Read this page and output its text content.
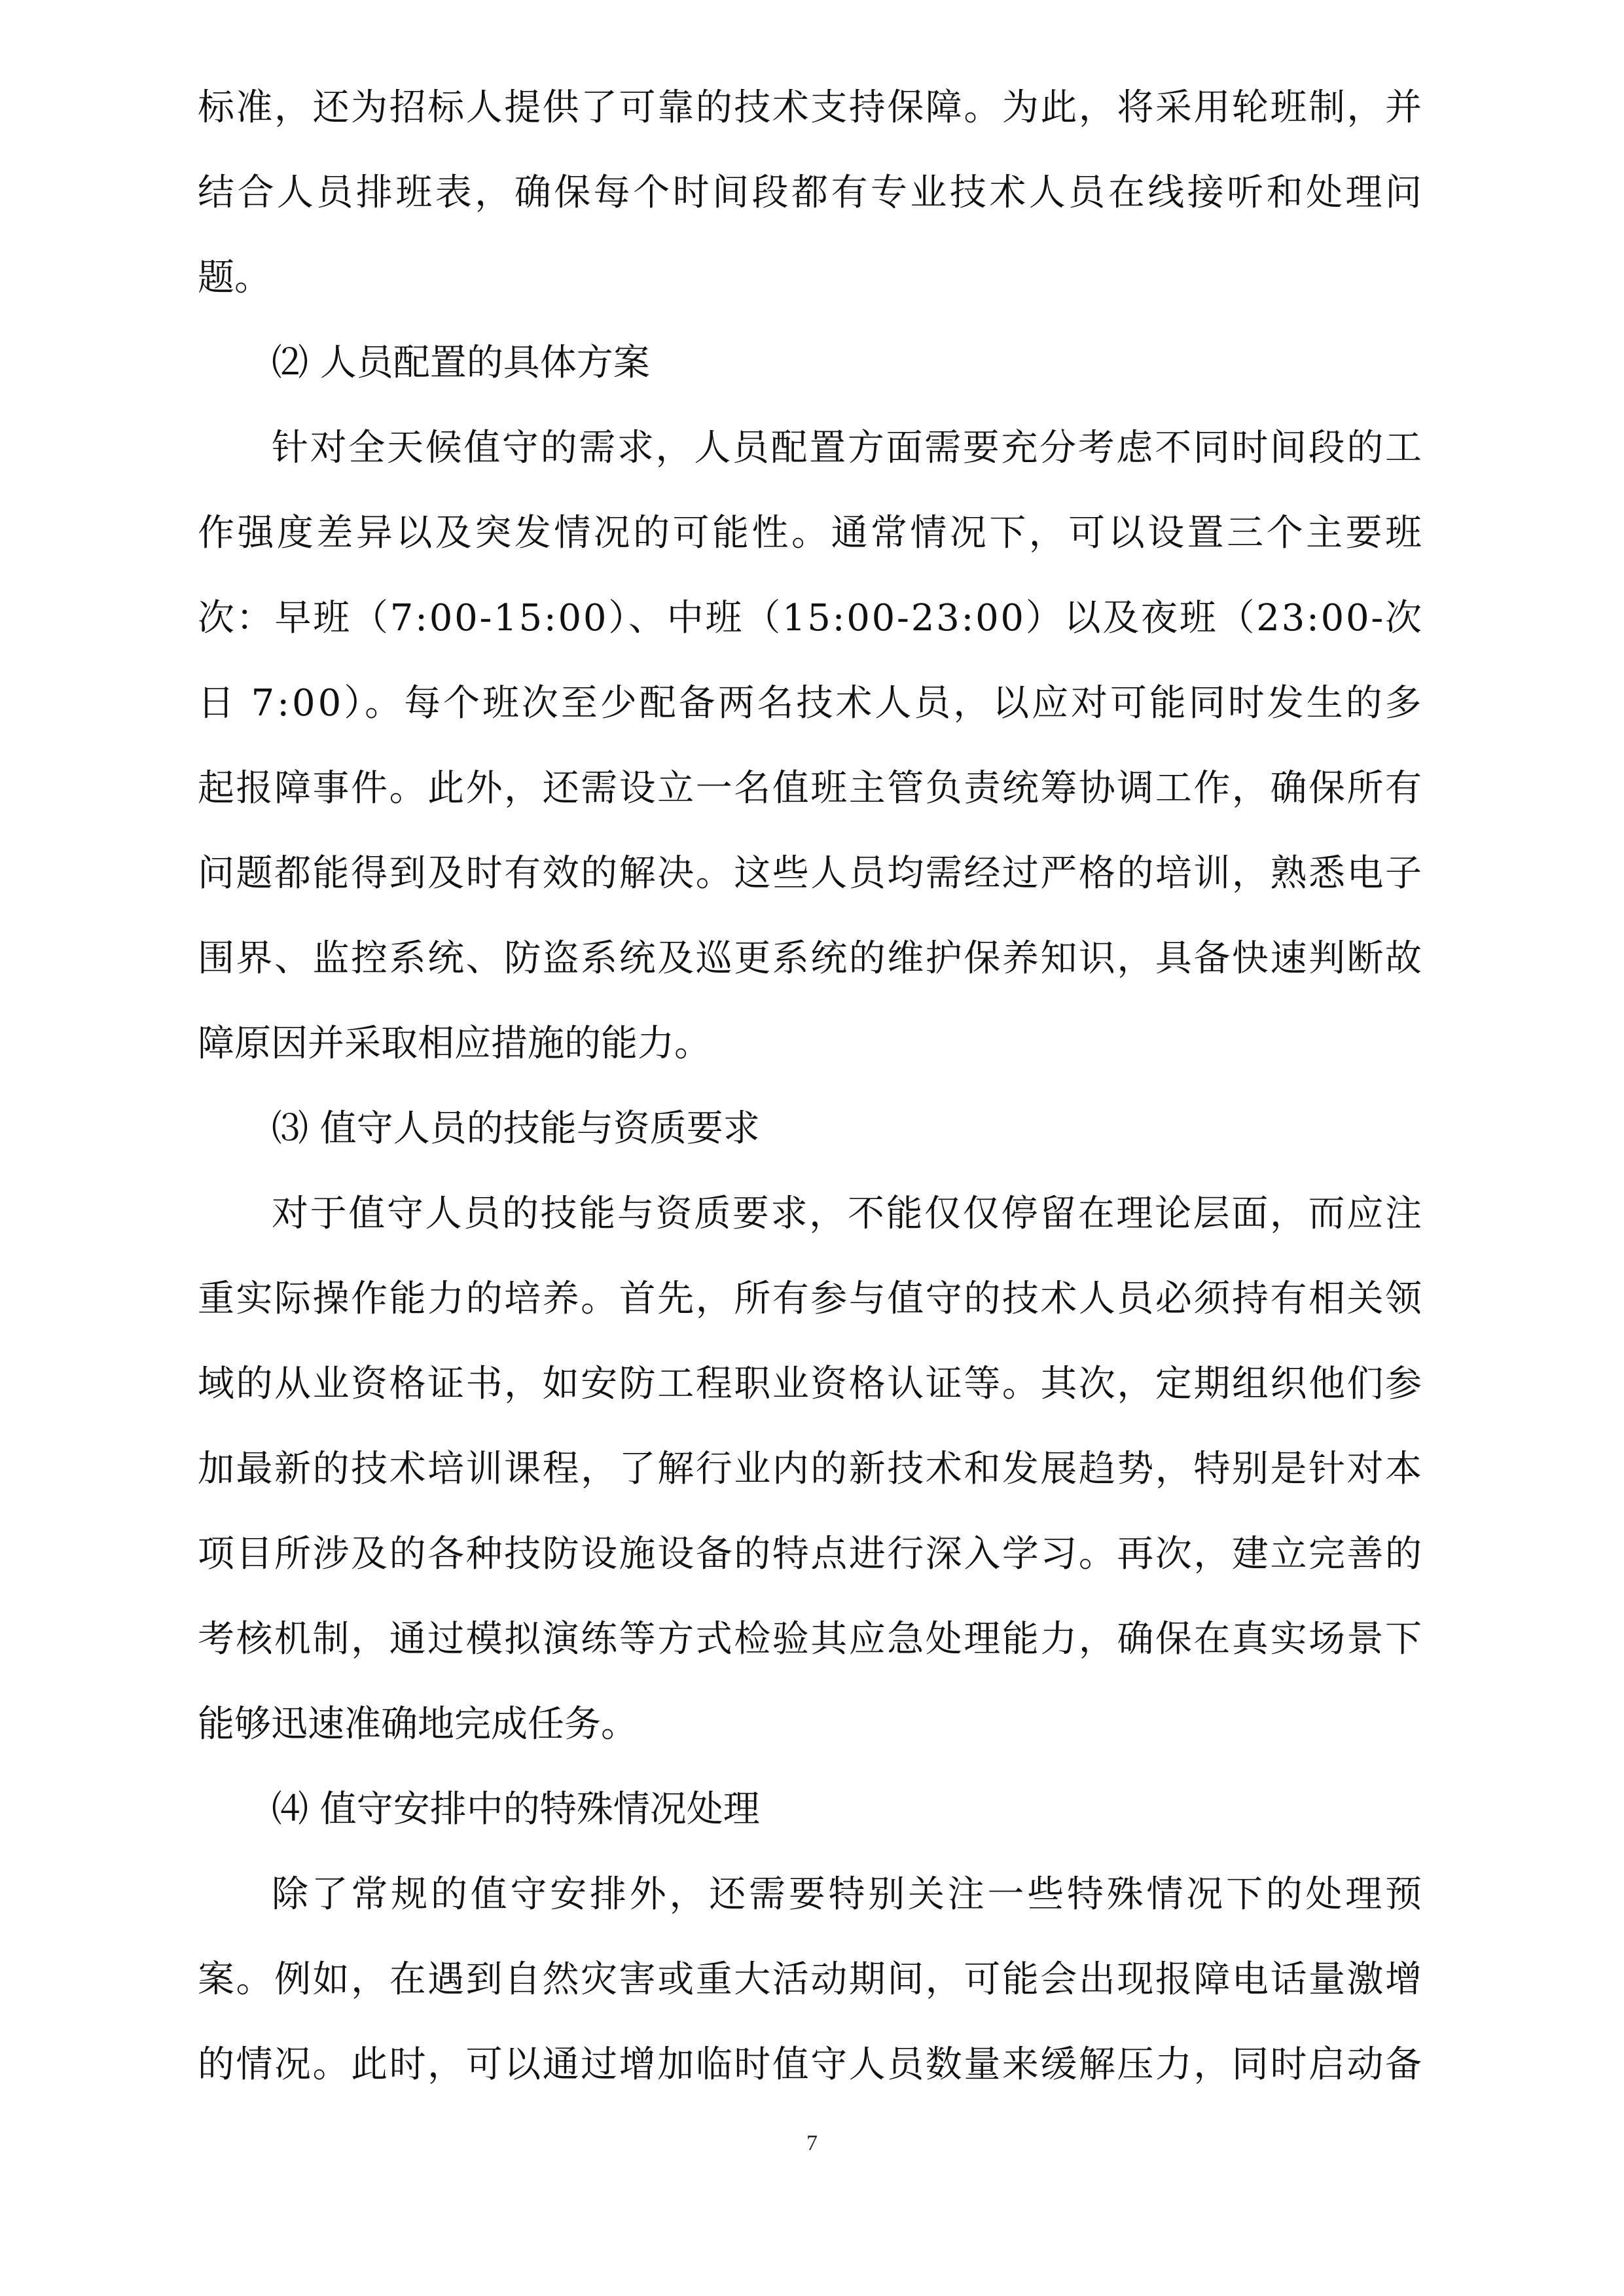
标准，还为招标人提供了可靠的技术支持保障。为此，将采用轮班制，并

结合人员排班表，确保每个时间段都有专业技术人员在线接听和处理问

题。

⑵ 人员配置的具体方案

针对全天候值守的需求，人员配置方面需要充分考虑不同时间段的工

作强度差异以及突发情况的可能性。通常情况下，可以设置三个主要班

次：早班（7:00-15:00）、中班（15:00-23:00）以及夜班（23:00-次

日 7:00）。每个班次至少配备两名技术人员，以应对可能同时发生的多

起报障事件。此外，还需设立一名值班主管负责统筹协调工作，确保所有

问题都能得到及时有效的解决。这些人员均需经过严格的培训，熟悉电子

围界、监控系统、防盗系统及巡更系统的维护保养知识，具备快速判断故

障原因并采取相应措施的能力。

⑶ 值守人员的技能与资质要求

对于值守人员的技能与资质要求，不能仅仅停留在理论层面，而应注

重实际操作能力的培养。首先，所有参与值守的技术人员必须持有相关领

域的从业资格证书，如安防工程职业资格认证等。其次，定期组织他们参

加最新的技术培训课程，了解行业内的新技术和发展趋势，特别是针对本

项目所涉及的各种技防设施设备的特点进行深入学习。再次，建立完善的

考核机制，通过模拟演练等方式检验其应急处理能力，确保在真实场景下

能够迅速准确地完成任务。

⑷ 值守安排中的特殊情况处理

除了常规的值守安排外，还需要特别关注一些特殊情况下的处理预

案。例如，在遇到自然灾害或重大活动期间，可能会出现报障电话量激增

的情况。此时，可以通过增加临时值守人员数量来缓解压力，同时启动备

7
